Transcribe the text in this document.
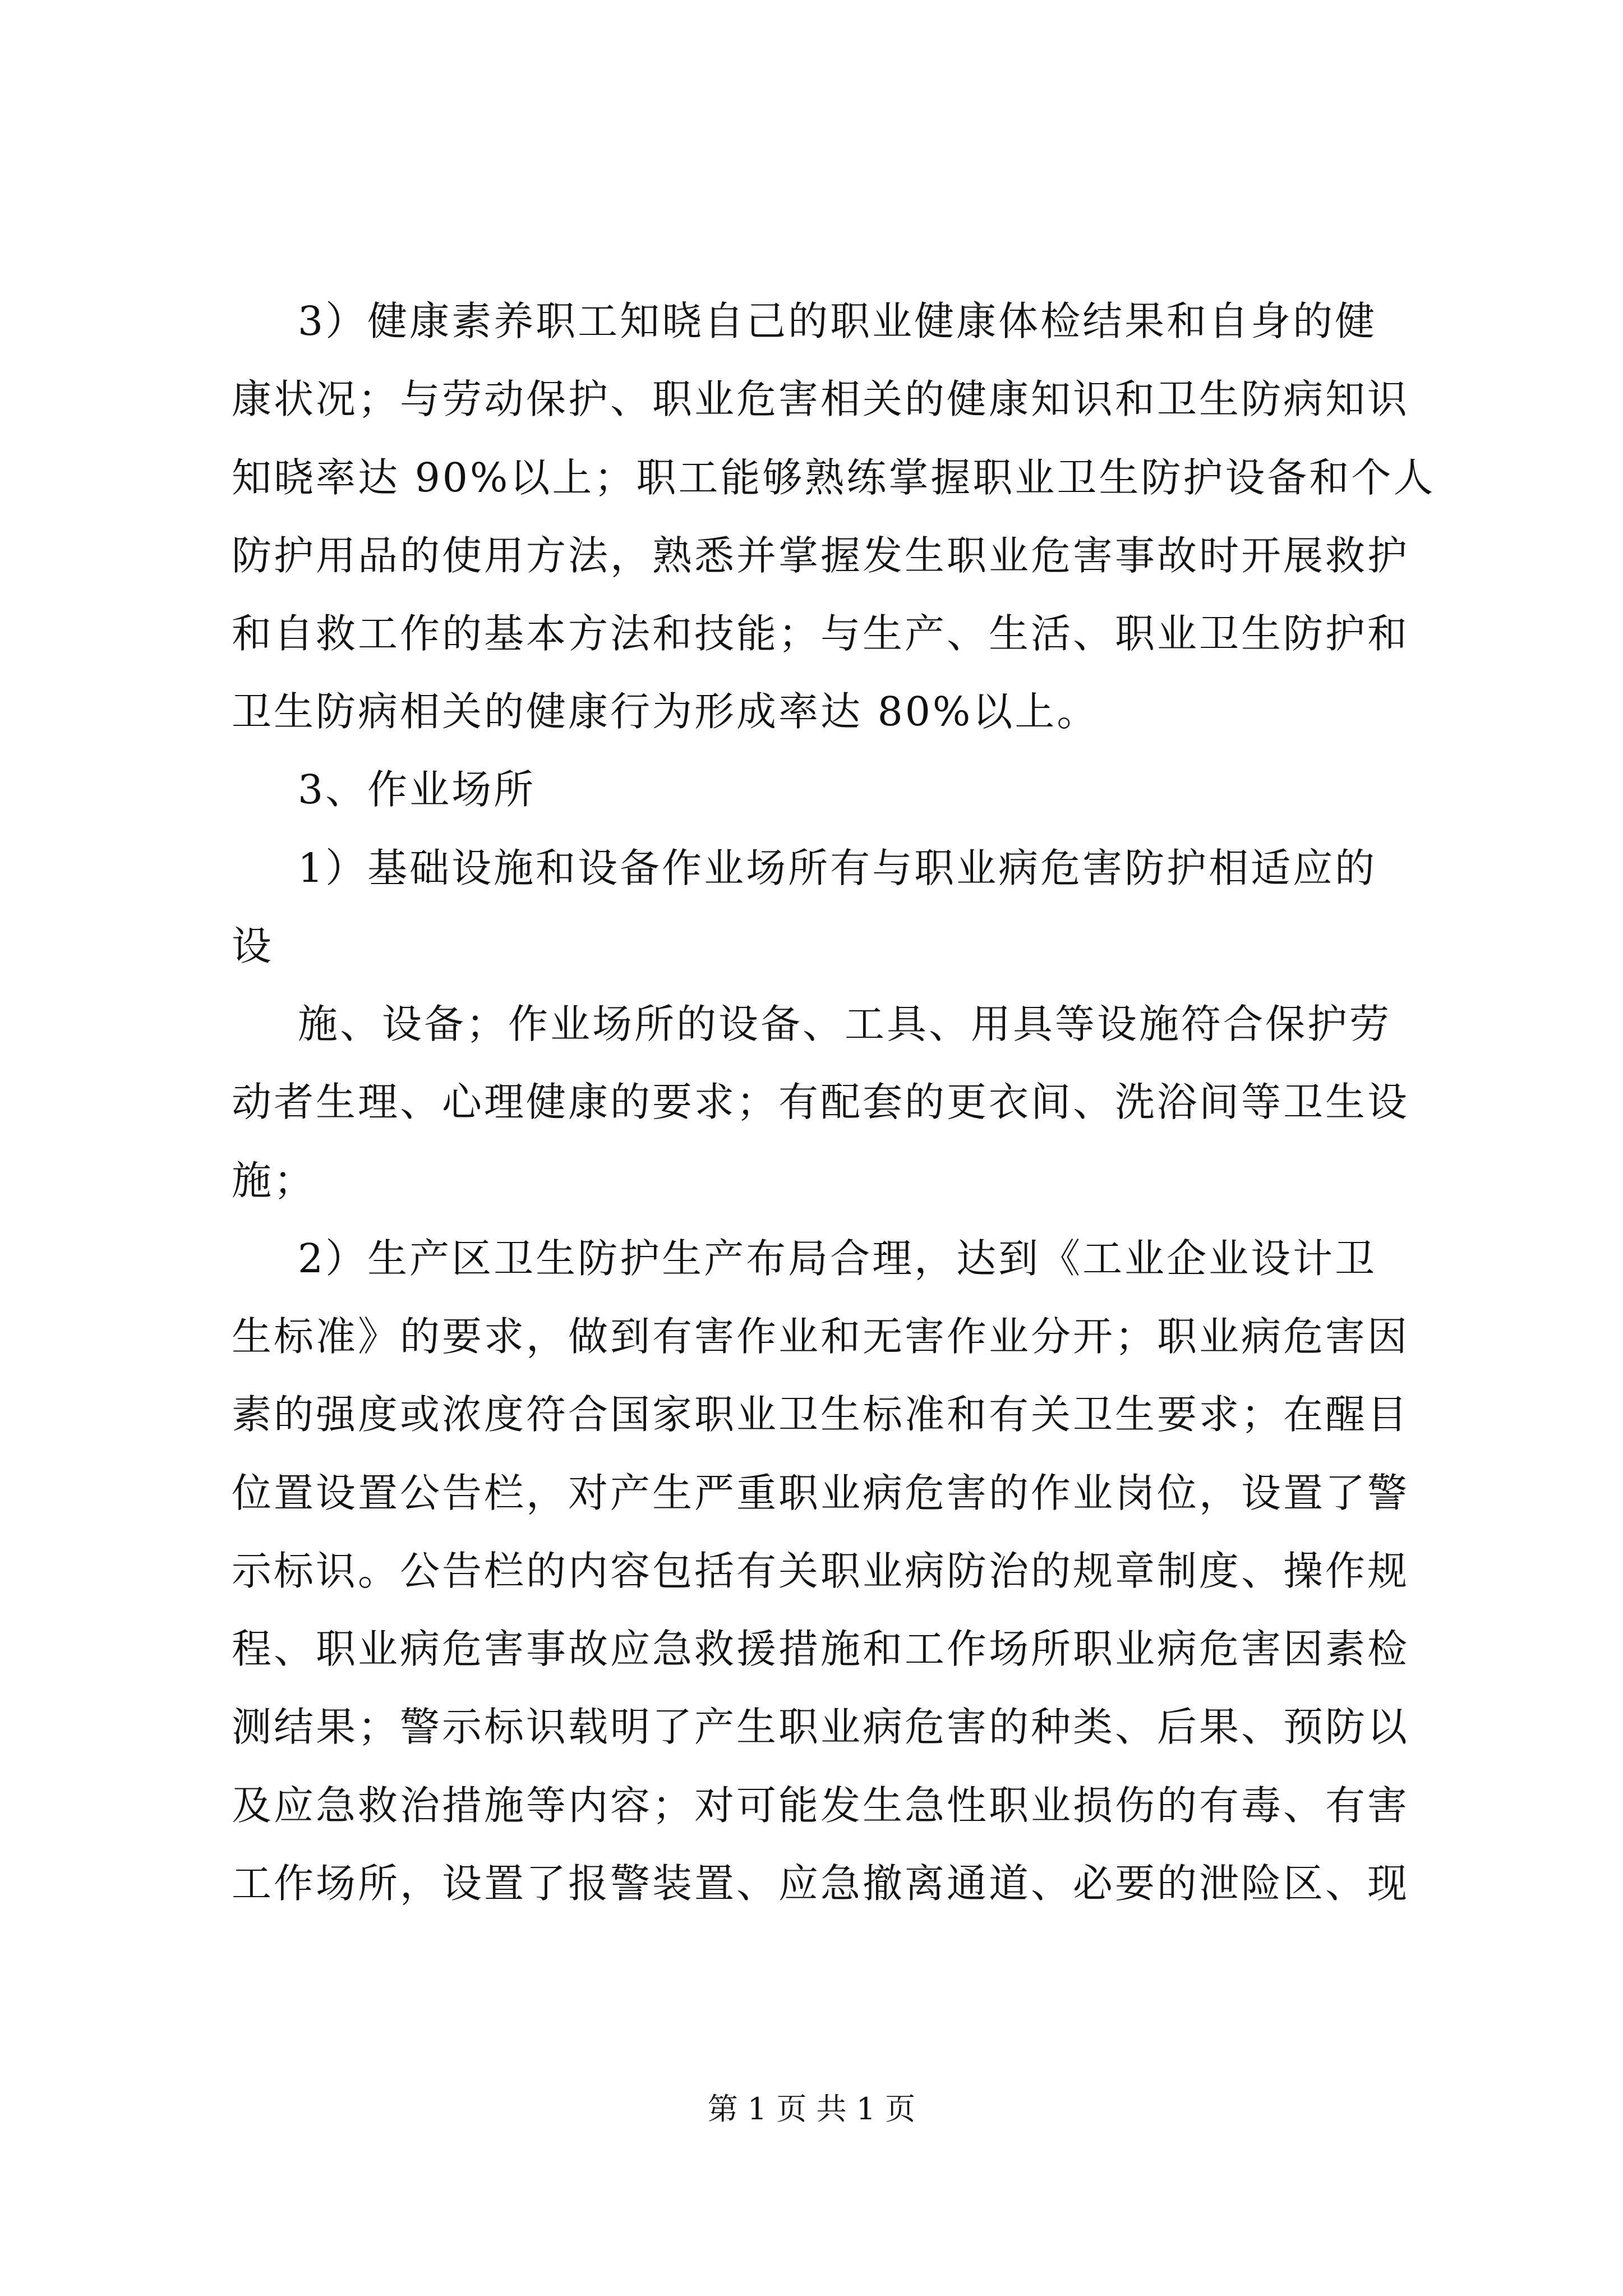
3）健康素养职工知晓自己的职业健康体检结果和自身的健
康状况；与劳动保护、职业危害相关的健康知识和卫生防病知识
知晓率达 90%以上；职工能够熟练掌握职业卫生防护设备和个人
防护用品的使用方法，熟悉并掌握发生职业危害事故时开展救护
和自救工作的基本方法和技能；与生产、生活、职业卫生防护和
卫生防病相关的健康行为形成率达 80%以上。
3、作业场所
1）基础设施和设备作业场所有与职业病危害防护相适应的
设
施、设备；作业场所的设备、工具、用具等设施符合保护劳
动者生理、心理健康的要求；有配套的更衣间、洗浴间等卫生设
施；
2）生产区卫生防护生产布局合理，达到《工业企业设计卫
生标准》的要求，做到有害作业和无害作业分开；职业病危害因
素的强度或浓度符合国家职业卫生标准和有关卫生要求；在醒目
位置设置公告栏，对产生严重职业病危害的作业岗位，设置了警
示标识。公告栏的内容包括有关职业病防治的规章制度、操作规
程、职业病危害事故应急救援措施和工作场所职业病危害因素检
测结果；警示标识载明了产生职业病危害的种类、后果、预防以
及应急救治措施等内容；对可能发生急性职业损伤的有毒、有害
工作场所，设置了报警装置、应急撤离通道、必要的泄险区、现
第 1 页 共 1 页
